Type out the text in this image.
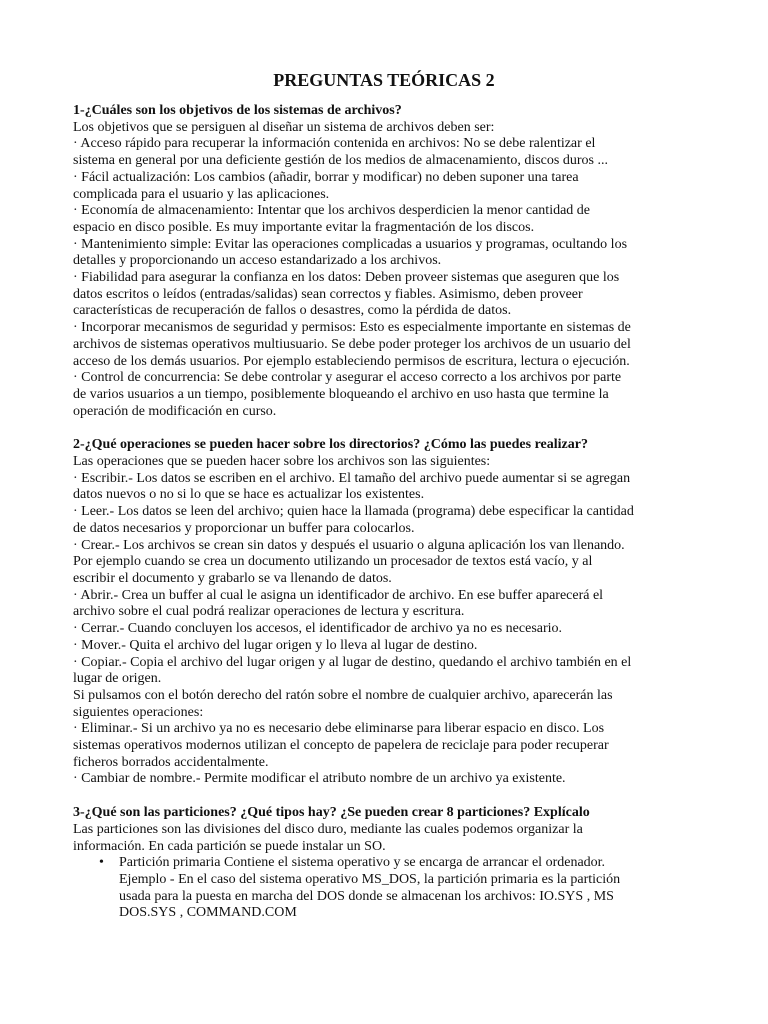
PREGUNTAS TEÓRICAS 2

1-¿Cuáles son los objetivos de los sistemas de archivos?

Los objetivos que se persiguen al diseñar un sistema de archivos deben ser:

· Acceso rápido para recuperar la información contenida en archivos: No se debe ralentizar el

sistema en general por una deficiente gestión de los medios de almacenamiento, discos duros ...

· Fácil actualización: Los cambios (añadir, borrar y modificar) no deben suponer una tarea

complicada para el usuario y las aplicaciones.

· Economía de almacenamiento: Intentar que los archivos desperdicien la menor cantidad de

espacio en disco posible. Es muy importante evitar la fragmentación de los discos.

· Mantenimiento simple: Evitar las operaciones complicadas a usuarios y programas, ocultando los

detalles y proporcionando un acceso estandarizado a los archivos.

· Fiabilidad para asegurar la confianza en los datos: Deben proveer sistemas que aseguren que los

datos escritos o leídos (entradas/salidas) sean correctos y fiables. Asimismo, deben proveer

características de recuperación de fallos o desastres, como la pérdida de datos.

· Incorporar mecanismos de seguridad y permisos: Esto es especialmente importante en sistemas de

archivos de sistemas operativos multiusuario. Se debe poder proteger los archivos de un usuario del

acceso de los demás usuarios. Por ejemplo estableciendo permisos de escritura, lectura o ejecución.

· Control de concurrencia: Se debe controlar y asegurar el acceso correcto a los archivos por parte

de varios usuarios a un tiempo, posiblemente bloqueando el archivo en uso hasta que termine la

operación de modificación en curso.

2-¿Qué operaciones se pueden hacer sobre los directorios? ¿Cómo las puedes realizar?

Las operaciones que se pueden hacer sobre los archivos son las siguientes:

· Escribir.- Los datos se escriben en el archivo. El tamaño del archivo puede aumentar si se agregan

datos nuevos o no si lo que se hace es actualizar los existentes.

· Leer.- Los datos se leen del archivo; quien hace la llamada (programa) debe especificar la cantidad

de datos necesarios y proporcionar un buffer para colocarlos.

· Crear.- Los archivos se crean sin datos y después el usuario o alguna aplicación los van llenando.

Por ejemplo cuando se crea un documento utilizando un procesador de textos está vacío, y al

escribir el documento y grabarlo se va llenando de datos.

· Abrir.- Crea un buffer al cual le asigna un identificador de archivo. En ese buffer aparecerá el

archivo sobre el cual podrá realizar operaciones de lectura y escritura.

· Cerrar.- Cuando concluyen los accesos, el identificador de archivo ya no es necesario.

· Mover.- Quita el archivo del lugar origen y lo lleva al lugar de destino.

· Copiar.- Copia el archivo del lugar origen y al lugar de destino, quedando el archivo también en el

lugar de origen.

Si pulsamos con el botón derecho del ratón sobre el nombre de cualquier archivo, aparecerán las

siguientes operaciones:

· Eliminar.- Si un archivo ya no es necesario debe eliminarse para liberar espacio en disco. Los

sistemas operativos modernos utilizan el concepto de papelera de reciclaje para poder recuperar

ficheros borrados accidentalmente.

· Cambiar de nombre.- Permite modificar el atributo nombre de un archivo ya existente.

3-¿Qué son las particiones? ¿Qué tipos hay? ¿Se pueden crear 8 particiones? Explícalo

Las particiones son las divisiones del disco duro, mediante las cuales podemos organizar la

información. En cada partición se puede instalar un SO.

• Partición primaria Contiene el sistema operativo y se encarga de arrancar el ordenador.
Ejemplo - En el caso del sistema operativo MS_DOS, la partición primaria es la partición
usada para la puesta en marcha del DOS donde se almacenan los archivos: IO.SYS , MS
DOS.SYS , COMMAND.COM
